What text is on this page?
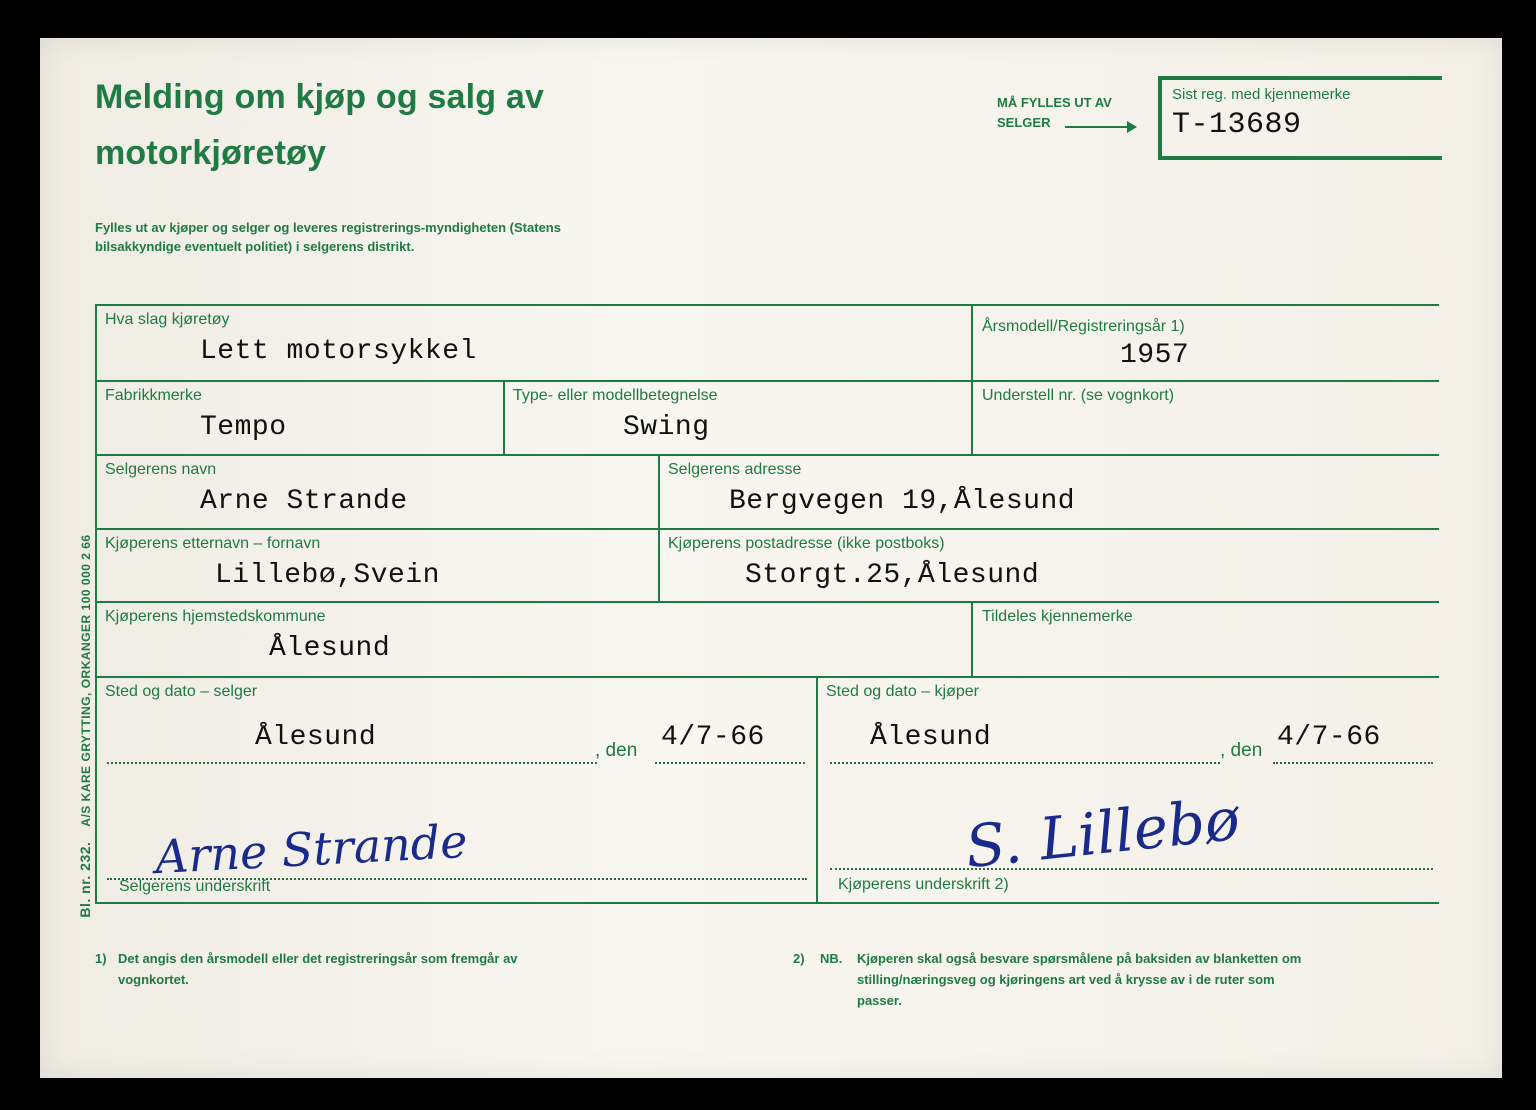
Melding om kjøp og salg av
motorkjøretøy
Fylles ut av kjøper og selger og leveres registrerings-myndigheten (Statens bilsakkyndige eventuelt politiet) i selgerens distrikt.
MÅ FYLLES UT AV
SELGER
Sist reg. med kjennemerke
T-13689
Bl. nr. 232.    A/S KARE GRYTTING, ORKANGER 100 000 2 66
Hva slag kjøretøy
Lett motorsykkel
Årsmodell/Registreringsår 1)
1957
Fabrikkmerke
Tempo
Type- eller modellbetegnelse
Swing
Understell nr. (se vognkort)
Selgerens navn
Arne Strande
Selgerens adresse
Bergvegen 19,Ålesund
Kjøperens etternavn – fornavn
Lillebø,Svein
Kjøperens postadresse (ikke postboks)
Storgt.25,Ålesund
Kjøperens hjemstedskommune
Ålesund
Tildeles kjennemerke
Sted og dato – selger
Ålesund	, den 4/7-66
Arne Strande
Selgerens underskrift
Sted og dato – kjøper
Ålesund	, den 4/7-66
S. Lillebø
Kjøperens underskrift 2)
1) Det angis den årsmodell eller det registreringsår som fremgår av vognkortet.
2) NB. Kjøperen skal også besvare spørsmålene på baksiden av blanketten om stilling/næringsveg og kjøringens art ved å krysse av i de ruter som passer.
